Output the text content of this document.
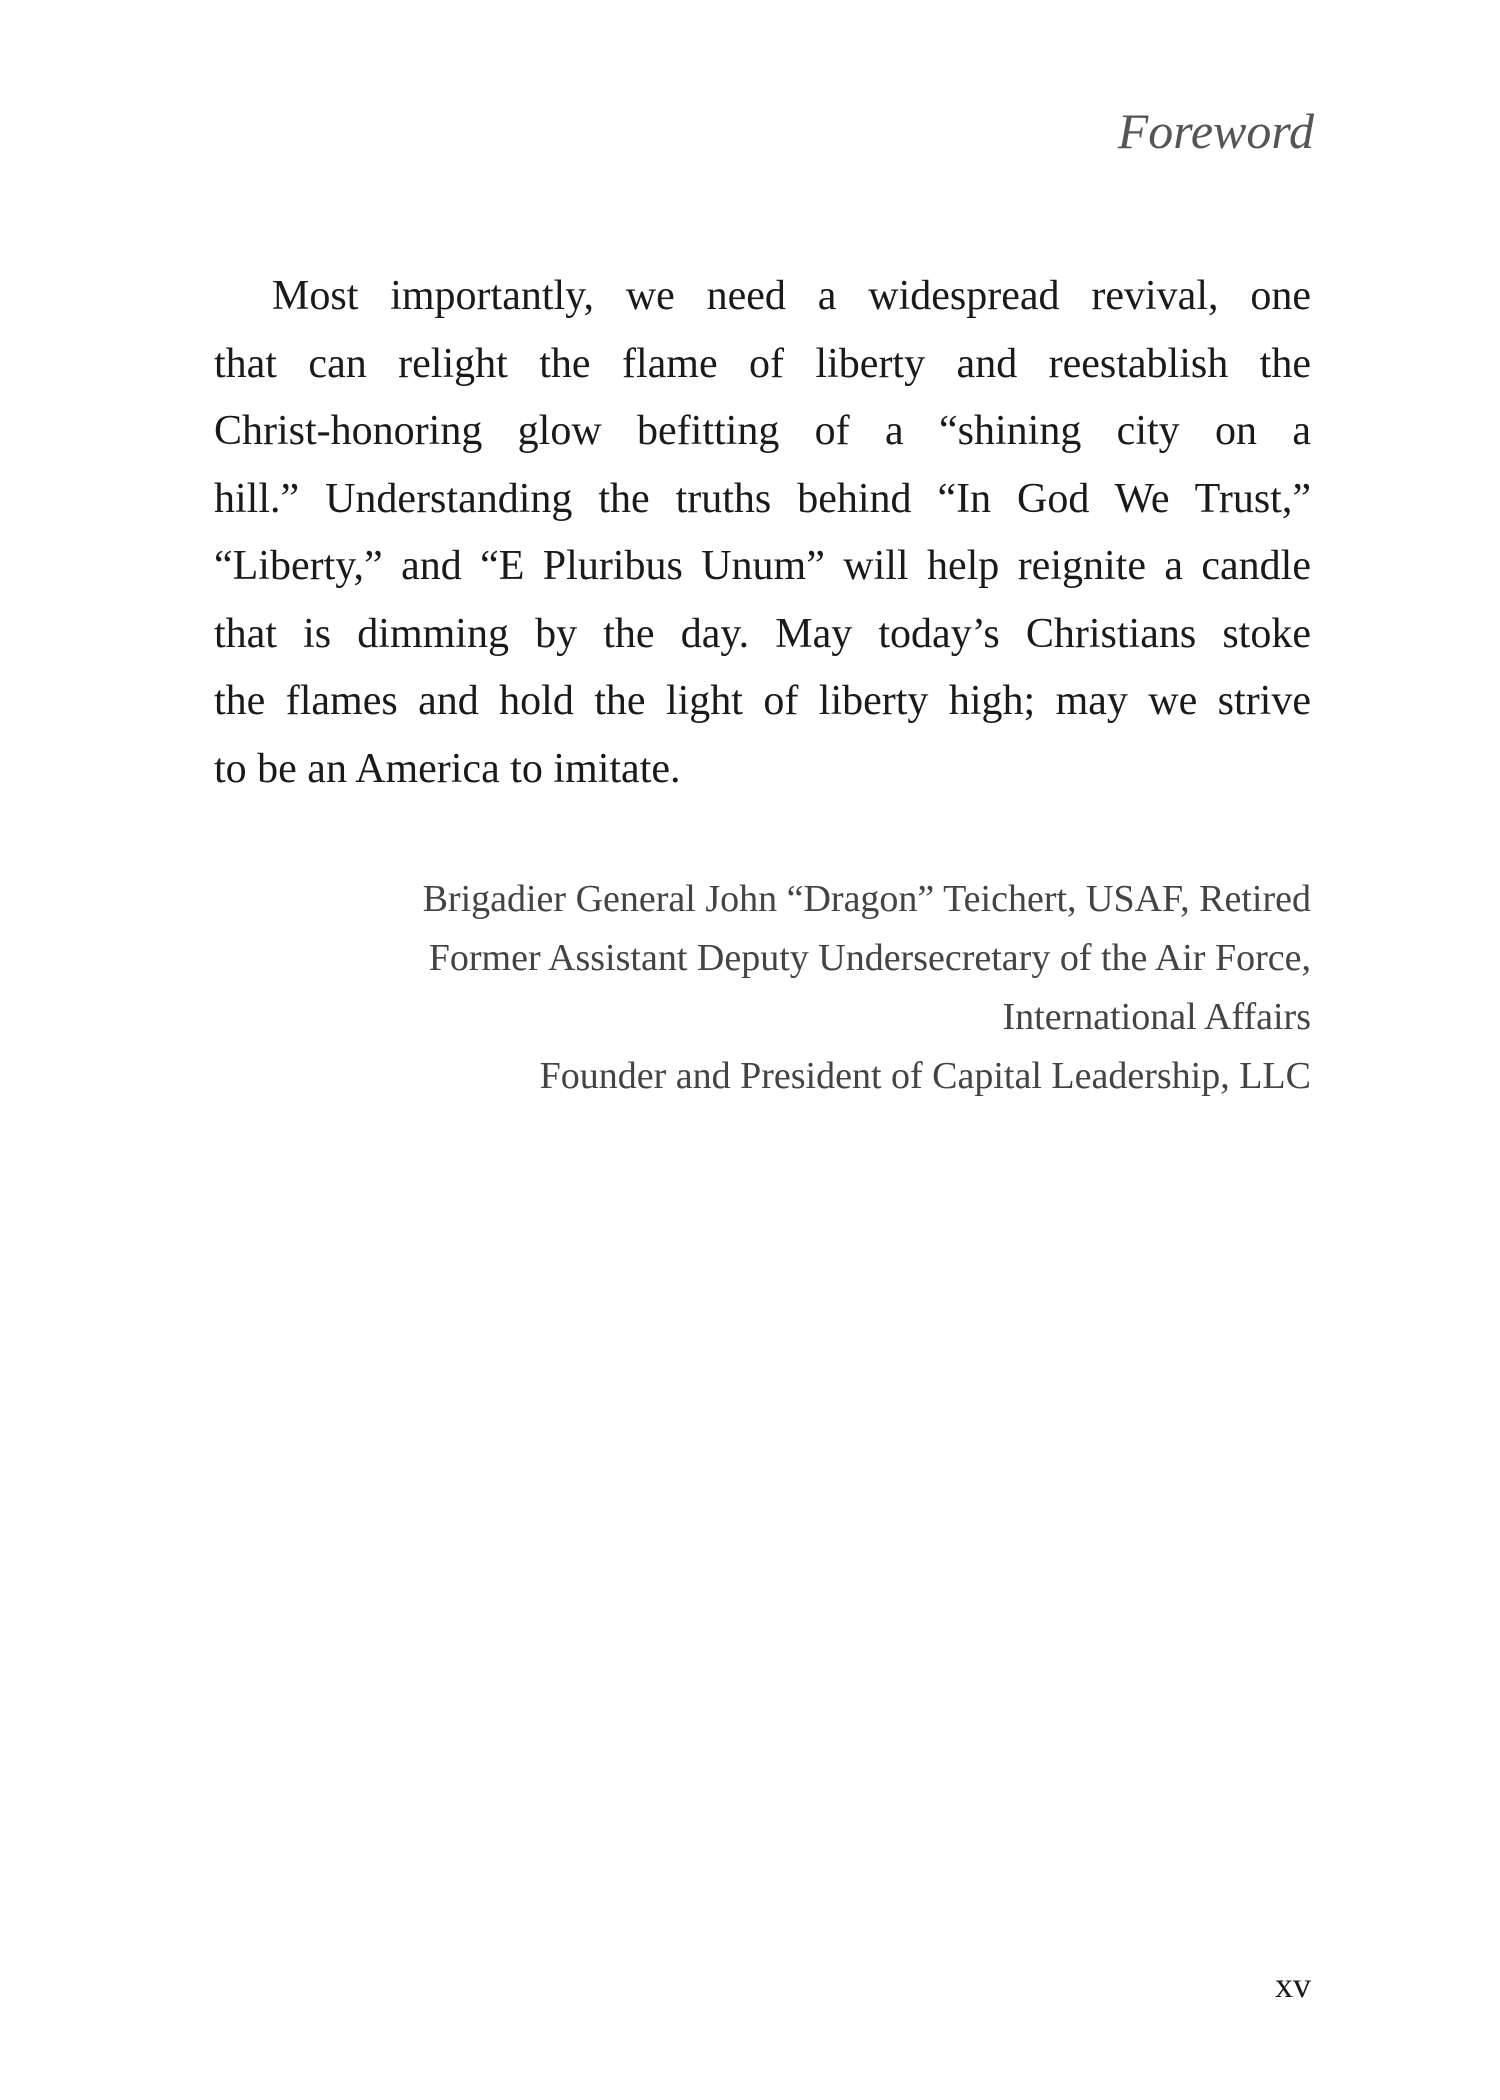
Foreword

Most importantly, we need a widespread revival, one
that can relight the flame of liberty and reestablish the
Christ-honoring glow befitting of a “shining city on a
hill.” Understanding the truths behind “In God We Trust,”
“Liberty,” and “E Pluribus Unum” will help reignite a candle
that is dimming by the day. May today’s Christians stoke
the flames and hold the light of liberty high; may we strive
to be an America to imitate.

Brigadier General John “Dragon” Teichert, USAF, Retired
Former Assistant Deputy Undersecretary of the Air Force,
International Affairs
Founder and President of Capital Leadership, LLC
xv
